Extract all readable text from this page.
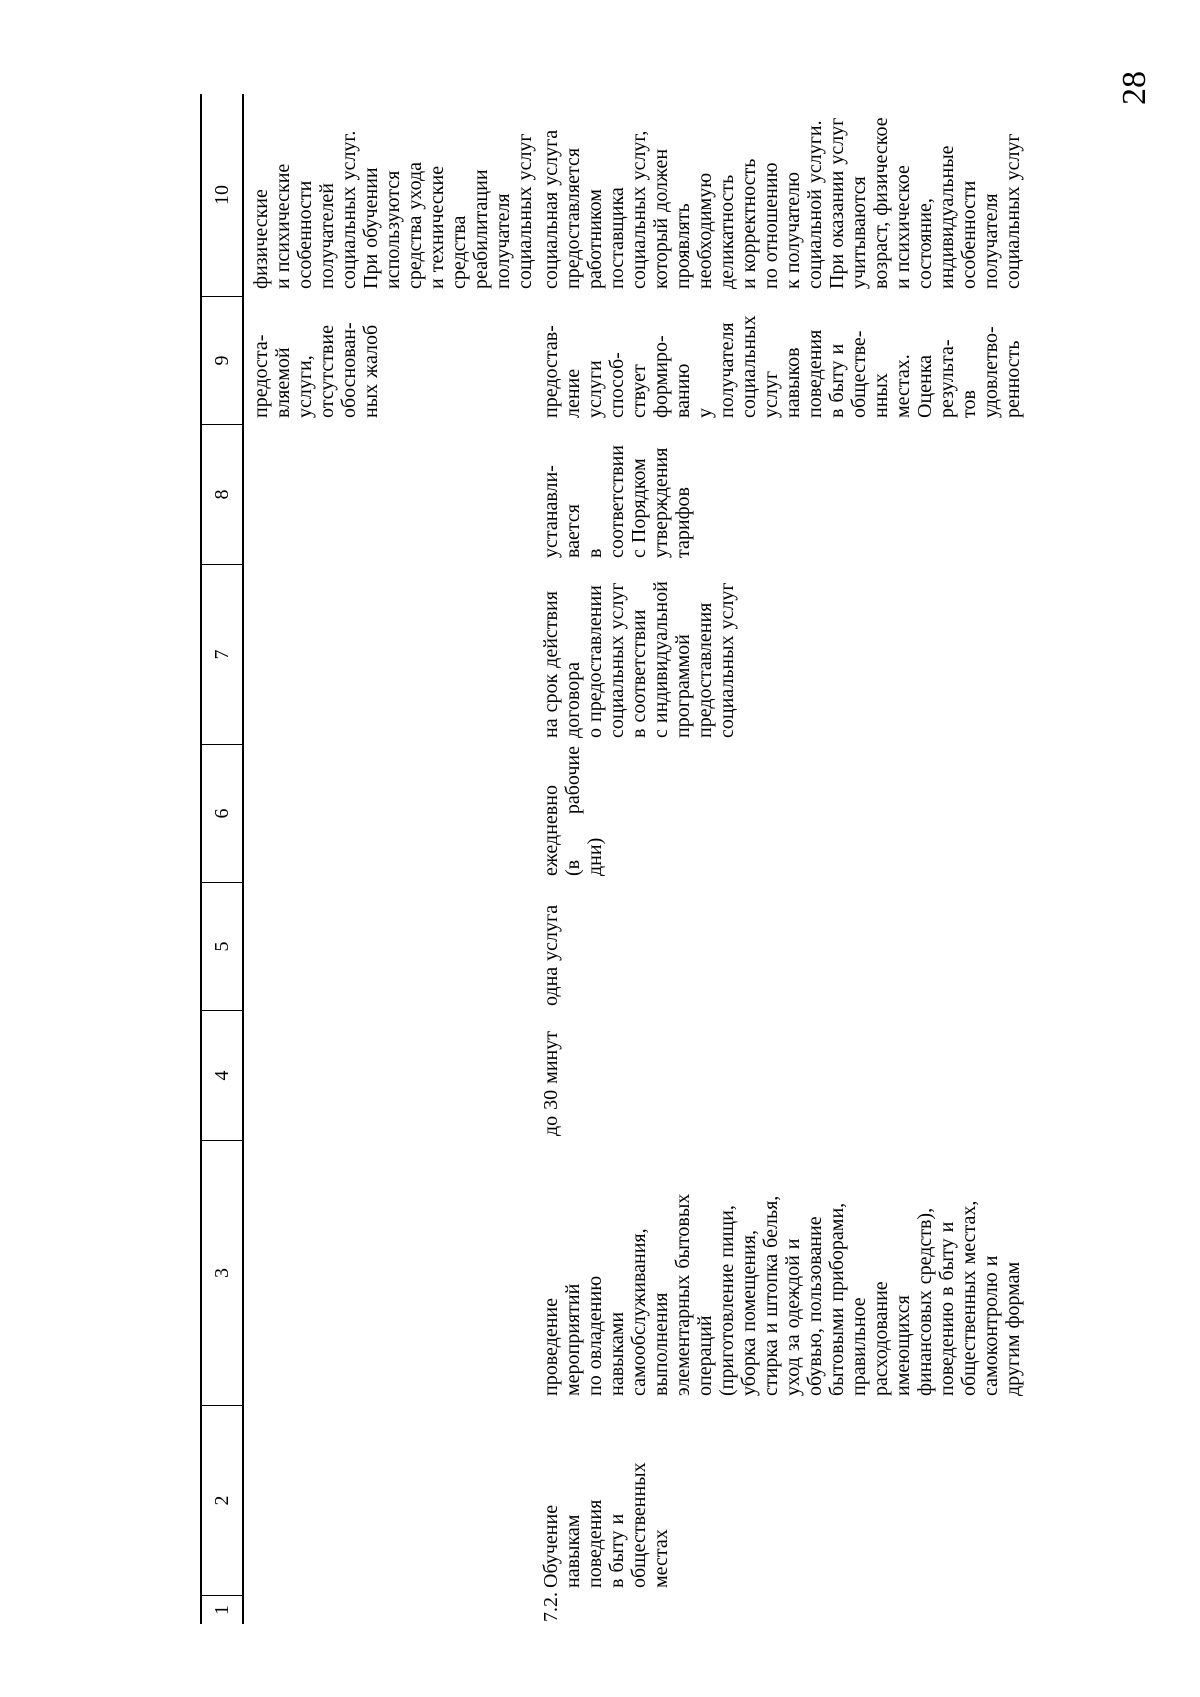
28
1
2
3
4
5
6
7
8
9
10
предоста- вляемой услуги, отсутствие обоснован- ных жалоб
физические и психические особенности получателей социальных услуг. При обучении используются средства ухода и технические средства реабилитации получателя социальных услуг
7.2.
Обучение навыкам поведения в быту и общественных местах
проведение мероприятий по овладению навыками самообслуживания, выполнения элементарных бытовых операций (приготовление пищи, уборка помещения, стирка и штопка белья, уход за одеждой и обувью, пользование бытовыми приборами, правильное расходование имеющихся финансовых средств), поведению в быту и общественных местах, самоконтролю и другим формам
до 30 минут
одна услуга
ежедневно (в рабочие дни)
на срок действия договора о предоставлении социальных услуг в соответствии с индивидуальной программой предоставления социальных услуг
устанавли- вается в соответствии с Порядком утверждения тарифов
предостав- ление услуги способ- ствует формиро- ванию у получателя социальных услуг навыков поведения в быту и обществе- нных местах. Оценка результа- тов удовлетво- ренность
социальная услуга предоставляется работником поставщика социальных услуг, который должен проявлять необходимую деликатность и корректность по отношению к получателю социальной услуги. При оказании услуг учитываются возраст, физическое и психическое состояние, индивидуальные особенности получателя социальных услуг
